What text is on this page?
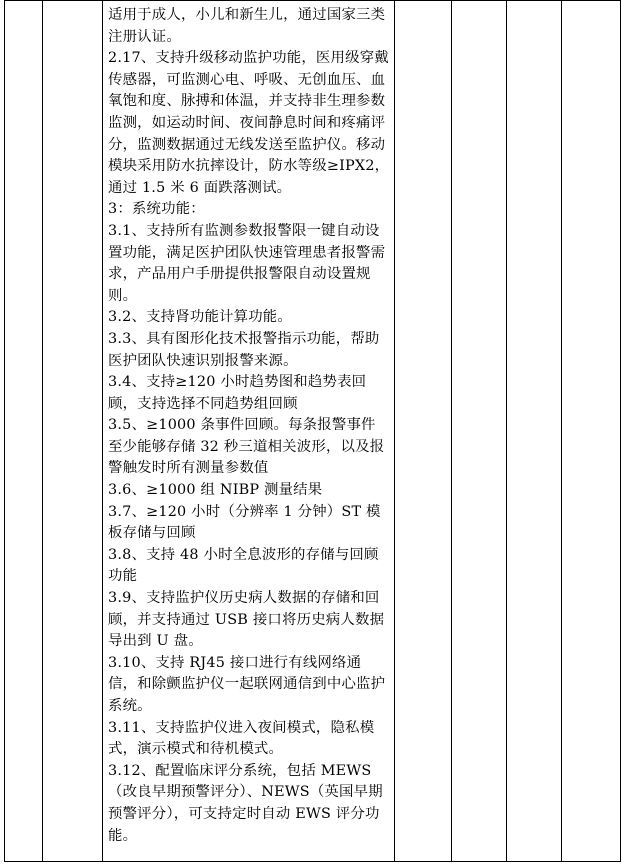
适用于成人，小儿和新生儿，通过国家三类注册认证。

2.17、支持升级移动监护功能，医用级穿戴传感器，可监测心电、呼吸、无创血压、血氧饱和度、脉搏和体温，并支持非生理参数监测，如运动时间、夜间静息时间和疼痛评分，监测数据通过无线发送至监护仪。移动模块采用防水抗摔设计，防水等级≥IPX2，通过 1.5 米 6 面跌落测试。

3：系统功能：

3.1、支持所有监测参数报警限一键自动设置功能，满足医护团队快速管理患者报警需求，产品用户手册提供报警限自动设置规则。

3.2、支持肾功能计算功能。

3.3、具有图形化技术报警指示功能，帮助医护团队快速识别报警来源。

3.4、支持≥120 小时趋势图和趋势表回顾，支持选择不同趋势组回顾

3.5、≥1000 条事件回顾。每条报警事件至少能够存储 32 秒三道相关波形，以及报警触发时所有测量参数值

3.6、≥1000 组 NIBP 测量结果

3.7、≥120 小时（分辨率 1 分钟）ST 模板存储与回顾

3.8、支持 48 小时全息波形的存储与回顾功能

3.9、支持监护仪历史病人数据的存储和回顾，并支持通过 USB 接口将历史病人数据导出到 U 盘。

3.10、支持 RJ45 接口进行有线网络通信，和除颤监护仪一起联网通信到中心监护系统。

3.11、支持监护仪进入夜间模式，隐私模式，演示模式和待机模式。

3.12、配置临床评分系统，包括 MEWS（改良早期预警评分）、NEWS（英国早期预警评分），可支持定时自动 EWS 评分功能。
